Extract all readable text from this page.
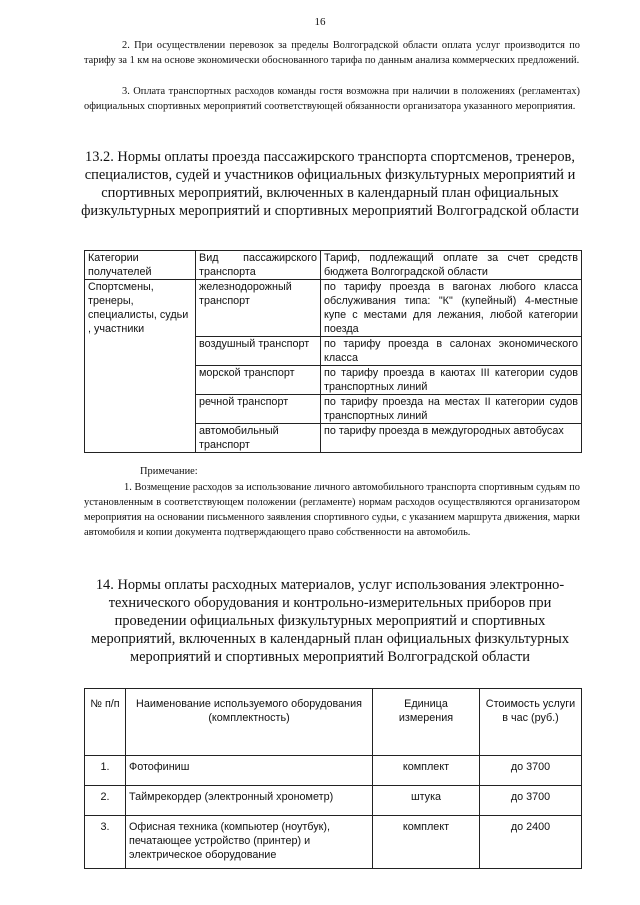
16

2. При осуществлении перевозок за пределы Волгоградской области оплата услуг производится по тарифу за 1 км на основе экономически обоснованного тарифа по данным анализа коммерческих предложений.

3. Оплата транспортных расходов команды гостя возможна при наличии в положениях (регламентах) официальных спортивных мероприятий соответствующей обязанности организатора указанного мероприятия.

13.2. Нормы оплаты проезда пассажирского транспорта спортсменов, тренеров, специалистов, судей и участников официальных физкультурных мероприятий и спортивных мероприятий, включенных в календарный план официальных физкультурных мероприятий и спортивных мероприятий Волгоградской области
Категории получателей	Вид пассажирского транспорта	Тариф, подлежащий оплате за счет средств бюджета Волгоградской области
Спортсмены, тренеры, специалисты, судьи , участники	железнодорожный транспорт	по тарифу проезда в вагонах любого класса обслуживания типа: "К" (купейный) 4-местные купе с местами для лежания, любой категории поезда
	воздушный транспорт	по тарифу проезда в салонах экономического класса
	морской транспорт	по тарифу проезда в каютах III категории судов транспортных линий
	речной транспорт	по тарифу проезда на местах II категории судов транспортных линий
	автомобильный транспорт	по тарифу проезда в междугородных автобусах
Примечание:

1. Возмещение расходов за использование личного автомобильного транспорта спортивным судьям по установленным в соответствующем положении (регламенте) нормам расходов осуществляются организатором мероприятия на основании письменного заявления спортивного судьи, с указанием маршрута движения, марки автомобиля и копии документа подтверждающего право собственности на автомобиль.

14. Нормы оплаты расходных материалов, услуг использования электронно-технического оборудования и контрольно-измерительных приборов при проведении официальных физкультурных мероприятий и спортивных мероприятий, включенных в календарный план официальных физкультурных мероприятий и спортивных мероприятий Волгоградской области
№ п/п	Наименование используемого оборудования (комплектность)	Единица измерения	Стоимость услуги в час (руб.)
1.	Фотофиниш	комплект	до 3700
2.	Таймрекордер (электронный хронометр)	штука	до 3700
3.	Офисная техника (компьютер (ноутбук), печатающее устройство (принтер) и электрическое оборудование	комплект	до 2400
